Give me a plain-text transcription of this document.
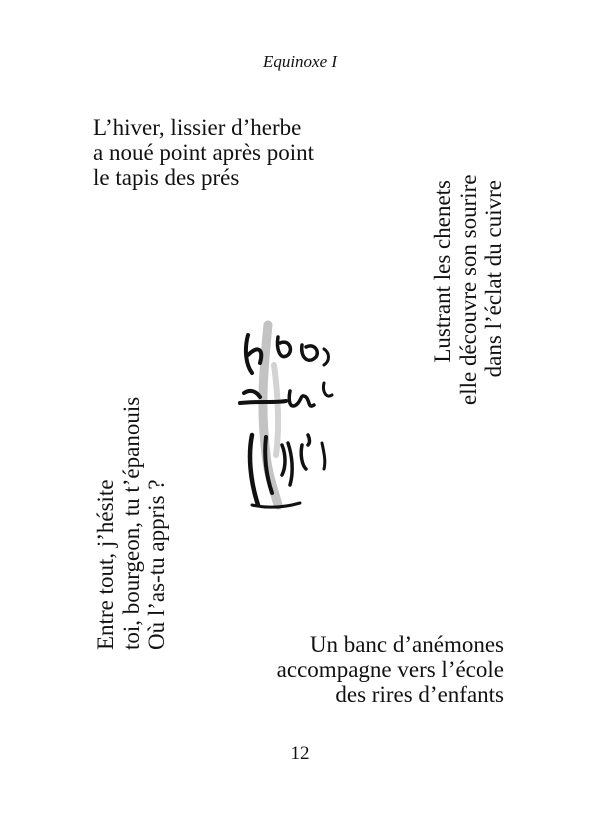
Equinoxe I
L’hiver, lissier d’herbe
a noué point après point
le tapis des prés
Lustrant les chenets elle découvre son sourire dans l’éclat du cuivre
Entre tout, j’hésite toi, bourgeon, tu t’épanouis Où l’as-tu appris ?	Un banc d’anémones
accompagne vers l’école
des rires d’enfants
12
